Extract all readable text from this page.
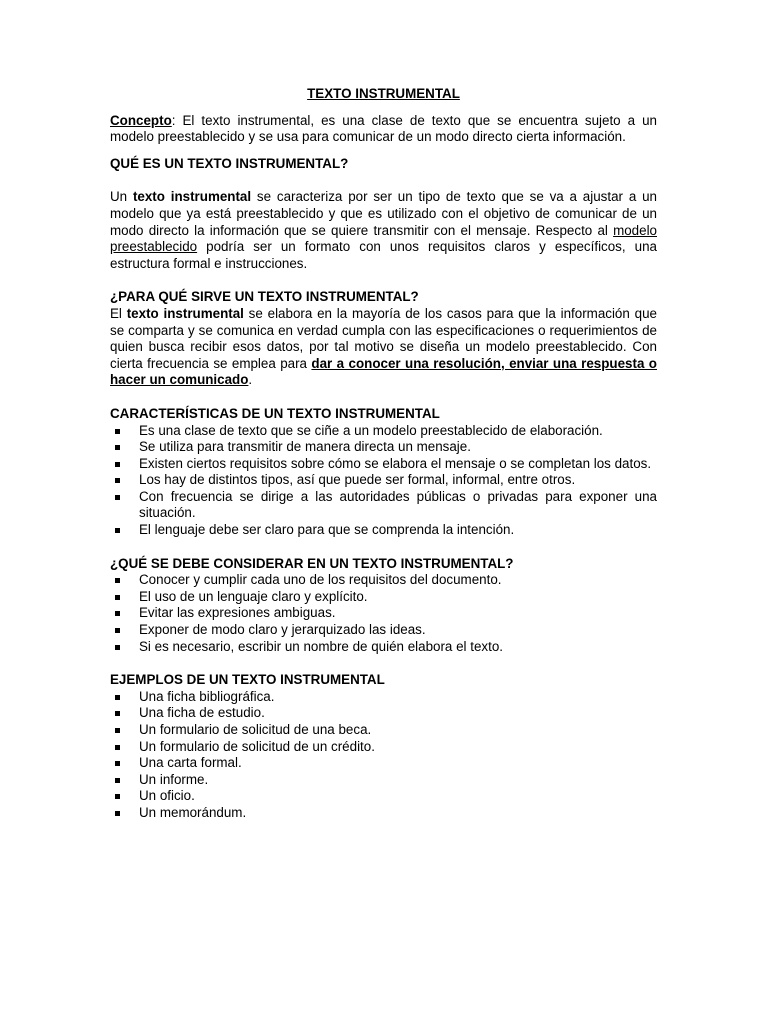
TEXTO INSTRUMENTAL

Concepto: El texto instrumental, es una clase de texto que se encuentra sujeto a un modelo preestablecido y se usa para comunicar de un modo directo cierta información.

QUÉ ES UN TEXTO INSTRUMENTAL?

Un texto instrumental se caracteriza por ser un tipo de texto que se va a ajustar a un modelo que ya está preestablecido y que es utilizado con el objetivo de comunicar de un modo directo la información que se quiere transmitir con el mensaje. Respecto al modelo preestablecido podría ser un formato con unos requisitos claros y específicos, una estructura formal e instrucciones.

¿PARA QUÉ SIRVE UN TEXTO INSTRUMENTAL?

El texto instrumental se elabora en la mayoría de los casos para que la información que se comparta y se comunica en verdad cumpla con las especificaciones o requerimientos de quien busca recibir esos datos, por tal motivo se diseña un modelo preestablecido. Con cierta frecuencia se emplea para dar a conocer una resolución, enviar una respuesta o hacer un comunicado.

CARACTERÍSTICAS DE UN TEXTO INSTRUMENTAL

Es una clase de texto que se ciñe a un modelo preestablecido de elaboración.
Se utiliza para transmitir de manera directa un mensaje.
Existen ciertos requisitos sobre cómo se elabora el mensaje o se completan los datos.
Los hay de distintos tipos, así que puede ser formal, informal, entre otros.
Con frecuencia se dirige a las autoridades públicas o privadas para exponer una situación.
El lenguaje debe ser claro para que se comprenda la intención.

¿QUÉ SE DEBE CONSIDERAR EN UN TEXTO INSTRUMENTAL?

Conocer y cumplir cada uno de los requisitos del documento.
El uso de un lenguaje claro y explícito.
Evitar las expresiones ambiguas.
Exponer de modo claro y jerarquizado las ideas.
Si es necesario, escribir un nombre de quién elabora el texto.

EJEMPLOS DE UN TEXTO INSTRUMENTAL

Una ficha bibliográfica.
Una ficha de estudio.
Un formulario de solicitud de una beca.
Un formulario de solicitud de un crédito.
Una carta formal.
Un informe.
Un oficio.
Un memorándum.
